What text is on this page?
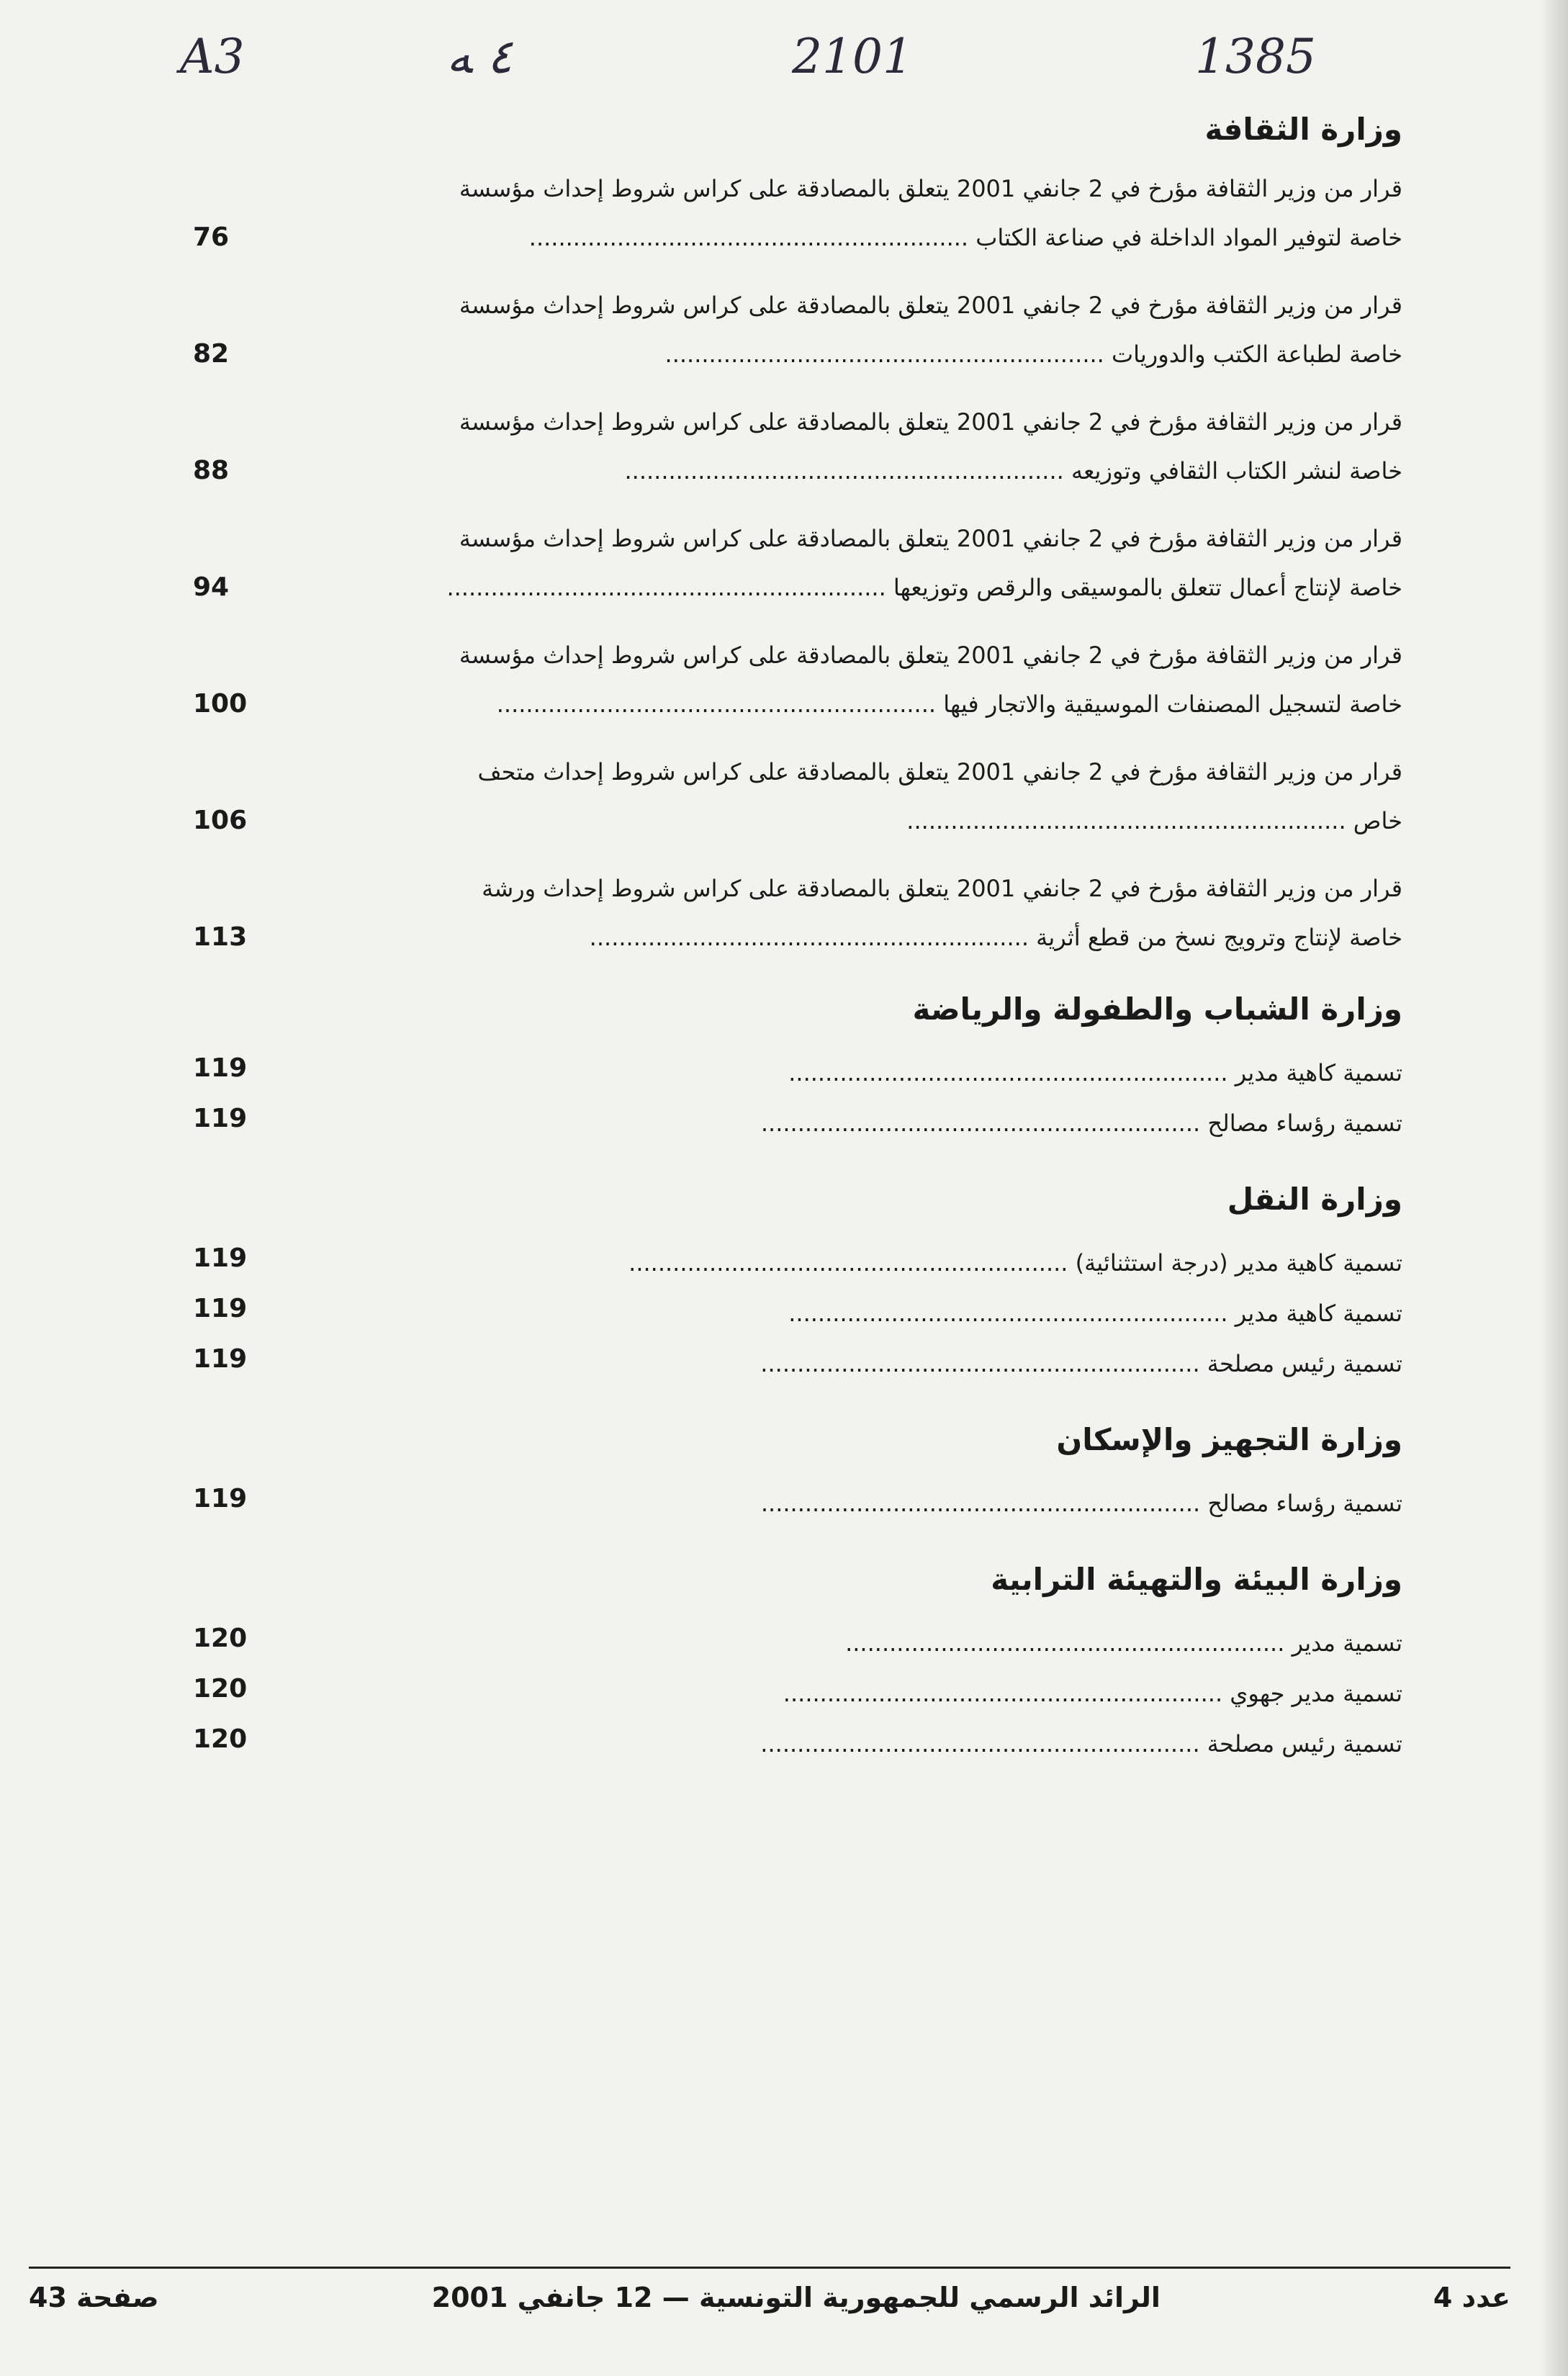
A3	٤ ﻪ	2101	1385
وزارة الثقافة
قرار من وزير الثقافة مؤرخ في 2 جانفي 2001 يتعلق بالمصادقة على كراس شروط إحداث مؤسسة
خاصة لتوفير المواد الداخلة في صناعة الكتاب ............................................................
76
قرار من وزير الثقافة مؤرخ في 2 جانفي 2001 يتعلق بالمصادقة على كراس شروط إحداث مؤسسة
خاصة لطباعة الكتب والدوريات ............................................................
82
قرار من وزير الثقافة مؤرخ في 2 جانفي 2001 يتعلق بالمصادقة على كراس شروط إحداث مؤسسة
خاصة لنشر الكتاب الثقافي وتوزيعه ............................................................
88
قرار من وزير الثقافة مؤرخ في 2 جانفي 2001 يتعلق بالمصادقة على كراس شروط إحداث مؤسسة
خاصة لإنتاج أعمال تتعلق بالموسيقى والرقص وتوزيعها ............................................................
94
قرار من وزير الثقافة مؤرخ في 2 جانفي 2001 يتعلق بالمصادقة على كراس شروط إحداث مؤسسة
خاصة لتسجيل المصنفات الموسيقية والاتجار فيها ............................................................
100
قرار من وزير الثقافة مؤرخ في 2 جانفي 2001 يتعلق بالمصادقة على كراس شروط إحداث متحف
خاص ............................................................
106
قرار من وزير الثقافة مؤرخ في 2 جانفي 2001 يتعلق بالمصادقة على كراس شروط إحداث ورشة
خاصة لإنتاج وترويج نسخ من قطع أثرية ............................................................
113
وزارة الشباب والطفولة والرياضة
تسمية كاهية مدير ............................................................
119
تسمية رؤساء مصالح ............................................................
119
وزارة النقل
تسمية كاهية مدير (درجة استثنائية) ............................................................
119
تسمية كاهية مدير ............................................................
119
تسمية رئيس مصلحة ............................................................
119
وزارة التجهيز والإسكان
تسمية رؤساء مصالح ............................................................
119
وزارة البيئة والتهيئة الترابية
تسمية مدير ............................................................
120
تسمية مدير جهوي ............................................................
120
تسمية رئيس مصلحة ............................................................
120
عدد 4
الرائد الرسمي للجمهورية التونسية — 12 جانفي 2001
صفحة 43
